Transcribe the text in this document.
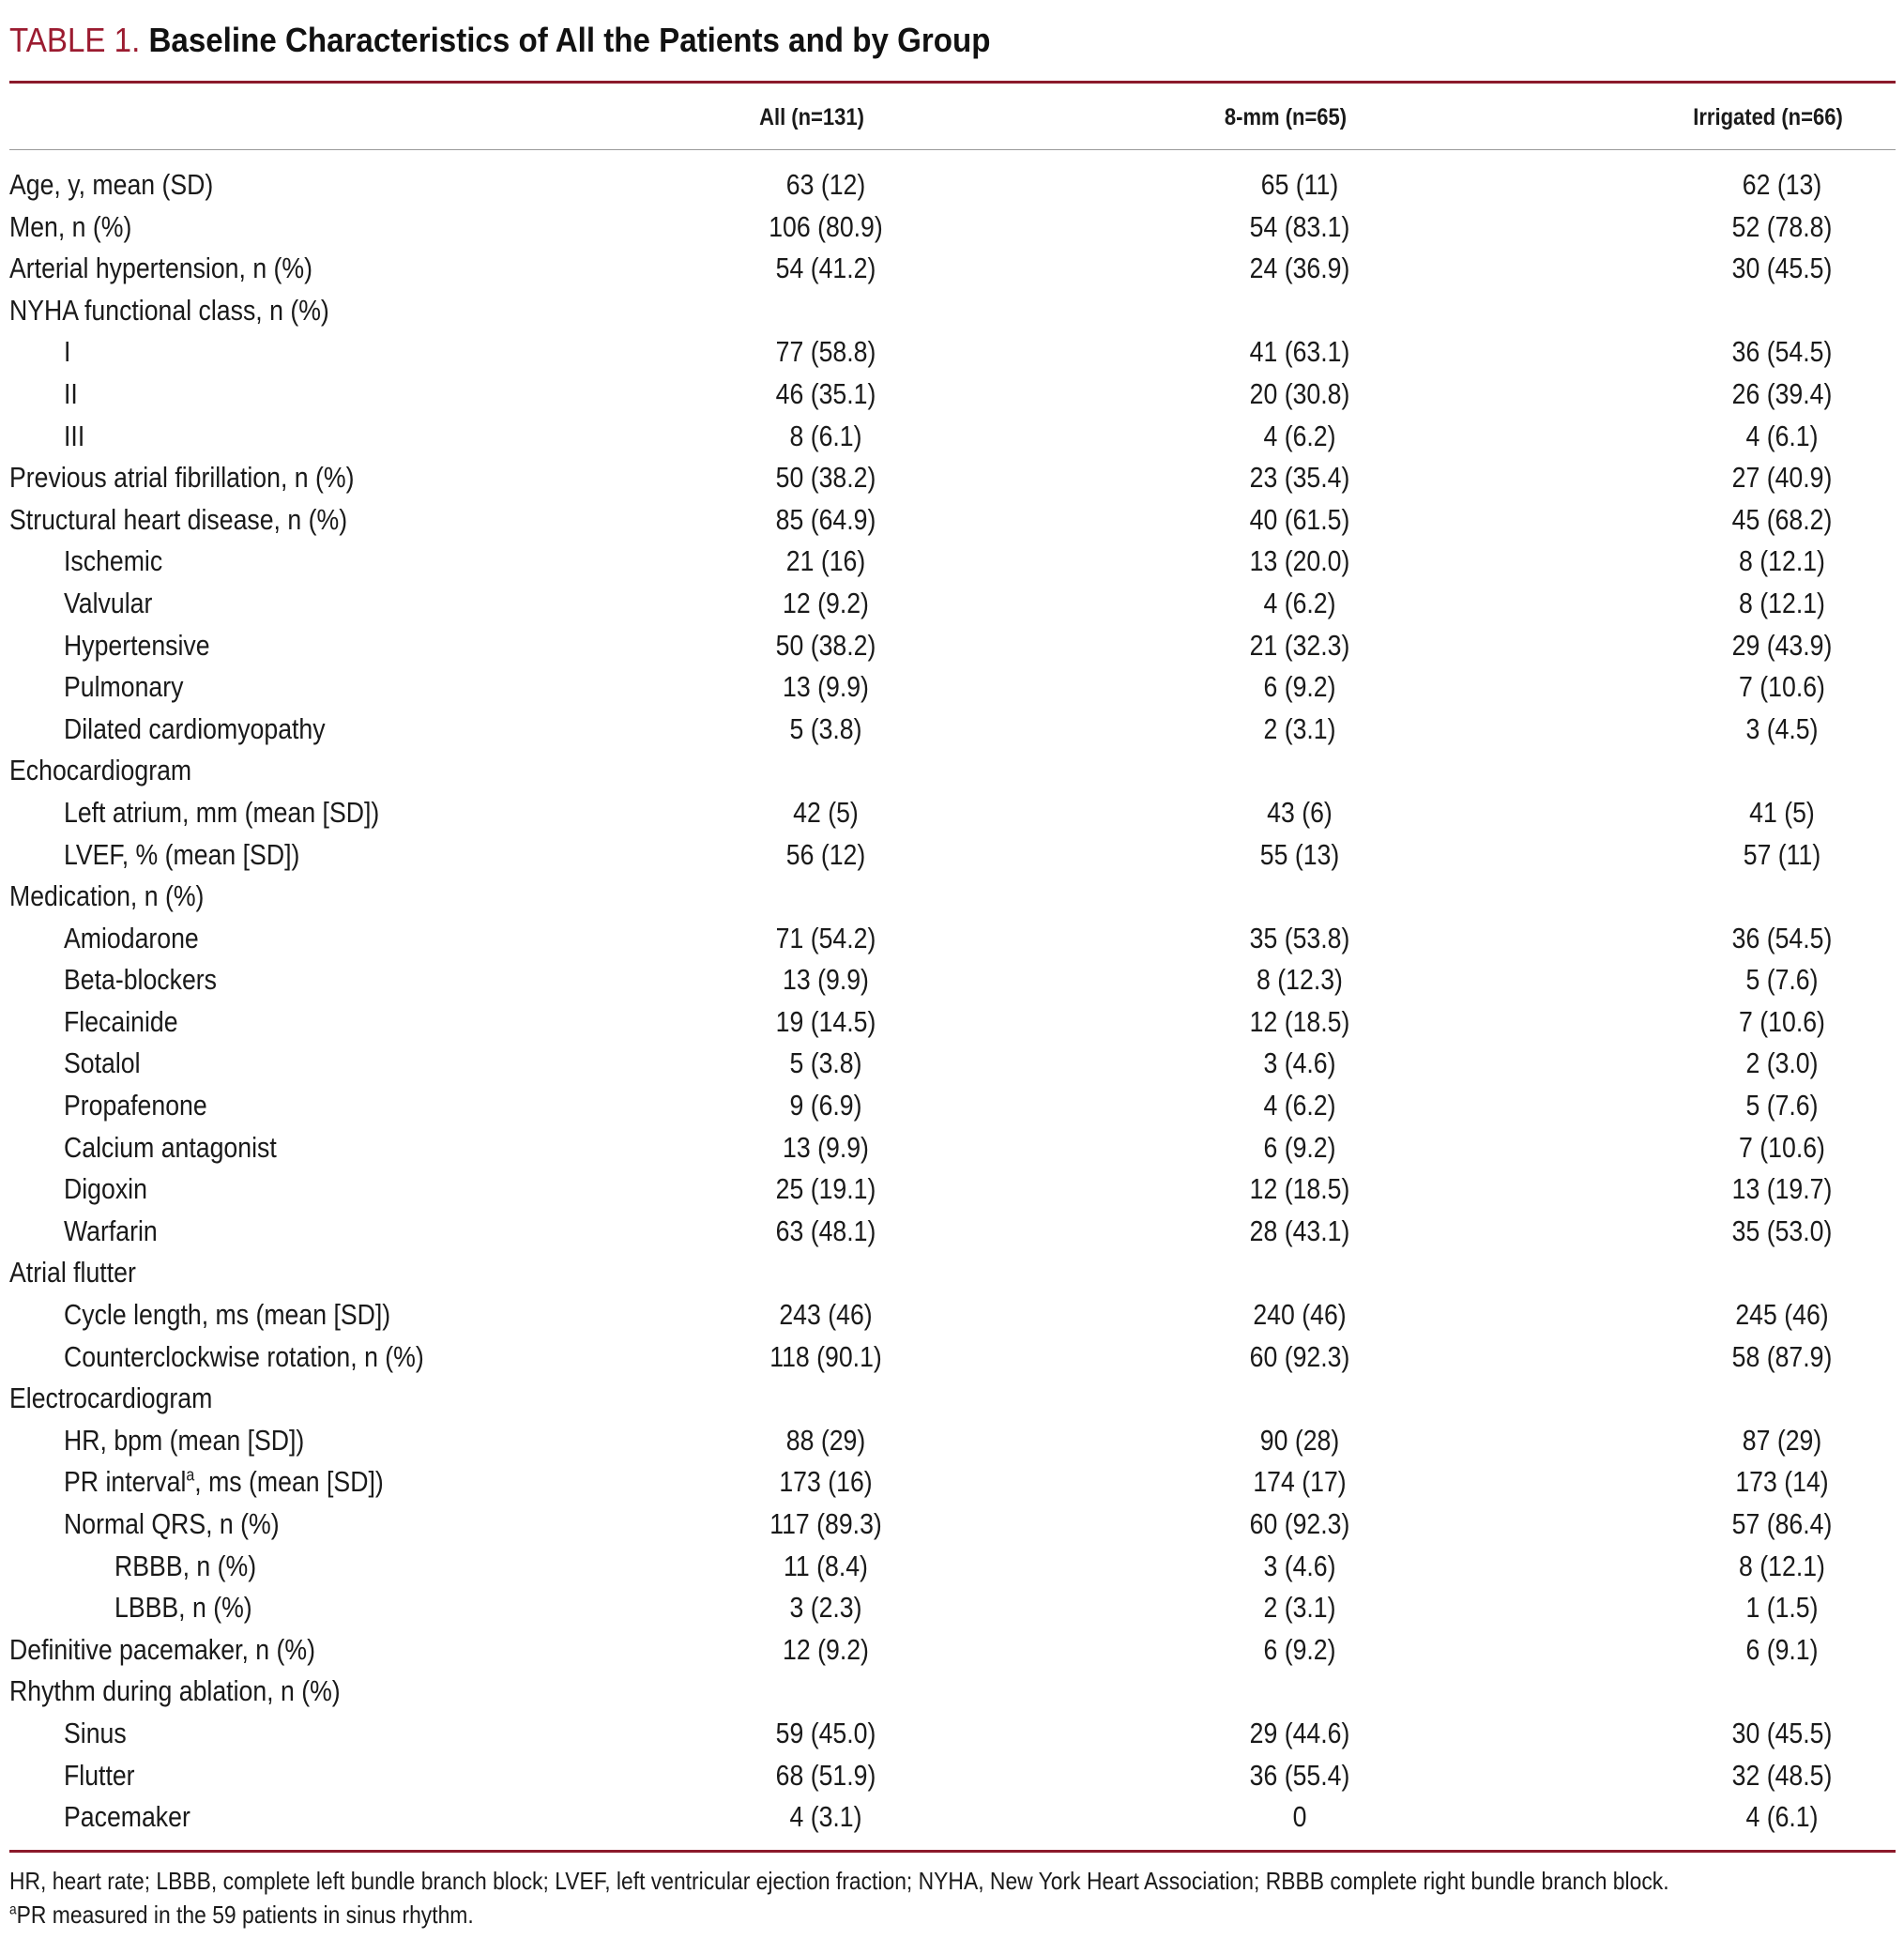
TABLE 1. Baseline Characteristics of All the Patients and by Group
All (n=131)	8-mm (n=65)	Irrigated (n=66)
Age, y, mean (SD)	63 (12)	65 (11)	62 (13)
Men, n (%)	106 (80.9)	54 (83.1)	52 (78.8)
Arterial hypertension, n (%)	54 (41.2)	24 (36.9)	30 (45.5)
NYHA functional class, n (%)
I	77 (58.8)	41 (63.1)	36 (54.5)
II	46 (35.1)	20 (30.8)	26 (39.4)
III	8 (6.1)	4 (6.2)	4 (6.1)
Previous atrial fibrillation, n (%)	50 (38.2)	23 (35.4)	27 (40.9)
Structural heart disease, n (%)	85 (64.9)	40 (61.5)	45 (68.2)
Ischemic	21 (16)	13 (20.0)	8 (12.1)
Valvular	12 (9.2)	4 (6.2)	8 (12.1)
Hypertensive	50 (38.2)	21 (32.3)	29 (43.9)
Pulmonary	13 (9.9)	6 (9.2)	7 (10.6)
Dilated cardiomyopathy	5 (3.8)	2 (3.1)	3 (4.5)
Echocardiogram
Left atrium, mm (mean [SD])	42 (5)	43 (6)	41 (5)
LVEF, % (mean [SD])	56 (12)	55 (13)	57 (11)
Medication, n (%)
Amiodarone	71 (54.2)	35 (53.8)	36 (54.5)
Beta-blockers	13 (9.9)	8 (12.3)	5 (7.6)
Flecainide	19 (14.5)	12 (18.5)	7 (10.6)
Sotalol	5 (3.8)	3 (4.6)	2 (3.0)
Propafenone	9 (6.9)	4 (6.2)	5 (7.6)
Calcium antagonist	13 (9.9)	6 (9.2)	7 (10.6)
Digoxin	25 (19.1)	12 (18.5)	13 (19.7)
Warfarin	63 (48.1)	28 (43.1)	35 (53.0)
Atrial flutter
Cycle length, ms (mean [SD])	243 (46)	240 (46)	245 (46)
Counterclockwise rotation, n (%)	118 (90.1)	60 (92.3)	58 (87.9)
Electrocardiogram
HR, bpm (mean [SD])	88 (29)	90 (28)	87 (29)
PR interval$^a$, ms (mean [SD])	173 (16)	174 (17)	173 (14)
Normal QRS, n (%)	117 (89.3)	60 (92.3)	57 (86.4)
RBBB, n (%)	11 (8.4)	3 (4.6)	8 (12.1)
LBBB, n (%)	3 (2.3)	2 (3.1)	1 (1.5)
Definitive pacemaker, n (%)	12 (9.2)	6 (9.2)	6 (9.1)
Rhythm during ablation, n (%)
Sinus	59 (45.0)	29 (44.6)	30 (45.5)
Flutter	68 (51.9)	36 (55.4)	32 (48.5)
Pacemaker	4 (3.1)	0	4 (6.1)
HR, heart rate; LBBB, complete left bundle branch block; LVEF, left ventricular ejection fraction; NYHA, New York Heart Association; RBBB complete right bundle branch block.
$^a$PR measured in the 59 patients in sinus rhythm.
